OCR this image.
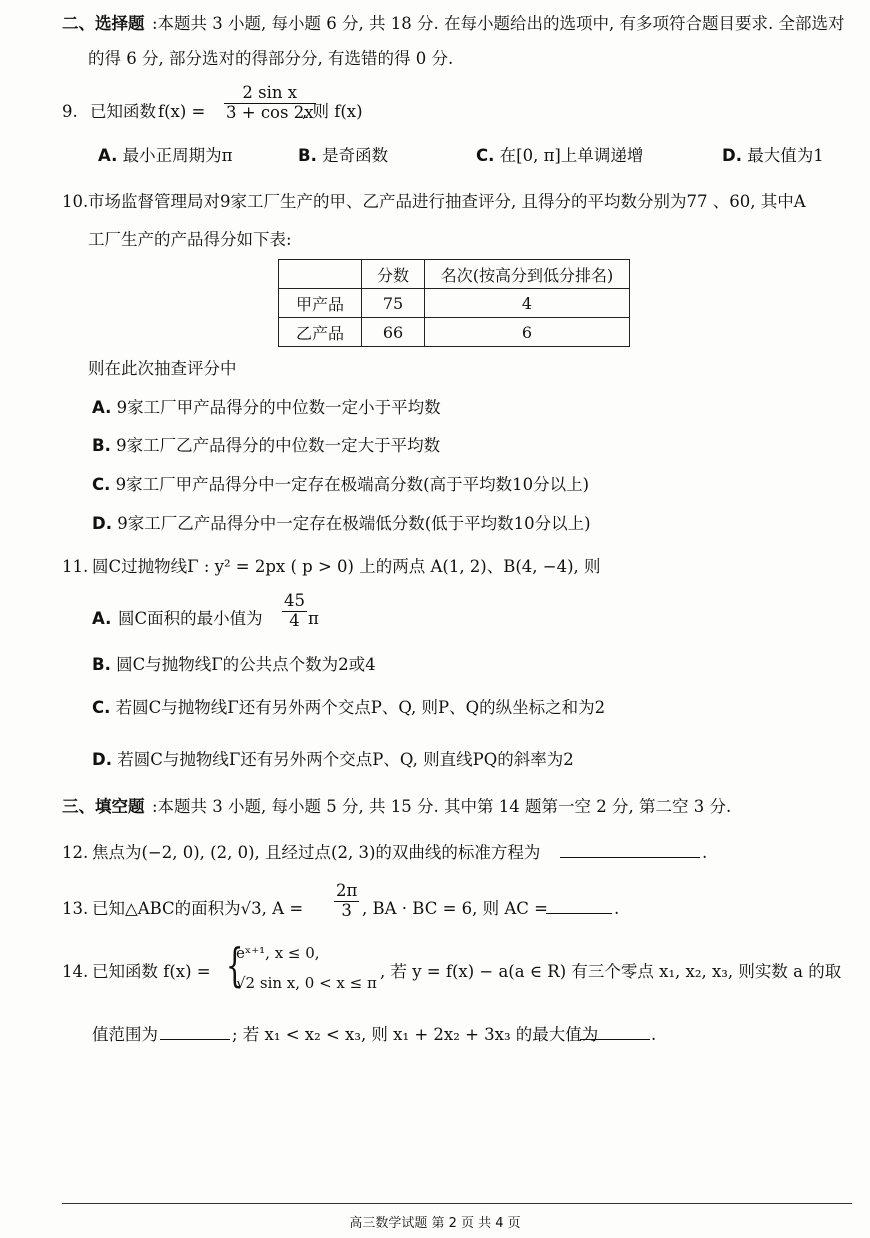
二、选择题 :本题共 3 小题, 每小题 6 分, 共 18 分. 在每小题给出的选项中, 有多项符合题目要求. 全部选对
的得 6 分, 部分选对的得部分分, 有选错的得 0 分.
9. 已知函数 $f(x) = \frac{\text{2 sin x}}{3 + \cos 2x}$
, 则 f(x)
A. 最小正周期为π	B. 是奇函数	C. 在[0, π]上单调递增	D. 最大值为1
10. 市场监督管理局对9家工厂生产的甲、乙产品进行抽查评分, 且得分的平均数分别为77 、60, 其中A
工厂生产的产品得分如下表:
	分数	名次(按高分到低分排名)
甲产品	75	4
乙产品	66	6
则在此次抽查评分中
A. 9家工厂甲产品得分的中位数一定小于平均数
B. 9家工厂乙产品得分的中位数一定大于平均数
C. 9家工厂甲产品得分中一定存在极端高分数(高于平均数10分以上)
D. 9家工厂乙产品得分中一定存在极端低分数(低于平均数10分以上)
11. 圆C过抛物线Γ : y² = 2px ( p > 0) 上的两点 A(1, 2)、B(4, −4), 则
A. 圆C面积的最小值为 $\frac{45}{4}$ π
B. 圆C与抛物线Γ的公共点个数为2或4
C. 若圆C与抛物线Γ还有另外两个交点P、Q, 则P、Q的纵坐标之和为2
D. 若圆C与抛物线Γ还有另外两个交点P、Q, 则直线PQ的斜率为2
三、填空题 :本题共 3 小题, 每小题 5 分, 共 15 分. 其中第 14 题第一空 2 分, 第二空 3 分.
12. 焦点为(−2, 0), (2, 0), 且经过点(2, 3)的双曲线的标准方程为	.
13. 已知△ABC的面积为√3, $A = \frac{2\pi}{3}$ , BA · BC = 6, 则 AC =	.
14. 已知函数 f(x) = {
eˣ⁺¹, x ≤ 0,
√2 sin x, 0 < x ≤ π
, 若 y = f(x) − a(a ∈ R) 有三个零点 x₁, x₂, x₃, 则实数 a 的取
值范围为	; 若 x₁ < x₂ < x₃, 则 x₁ + 2x₂ + 3x₃ 的最大值为	.
高三数学试题 第 2 页 共 4 页
